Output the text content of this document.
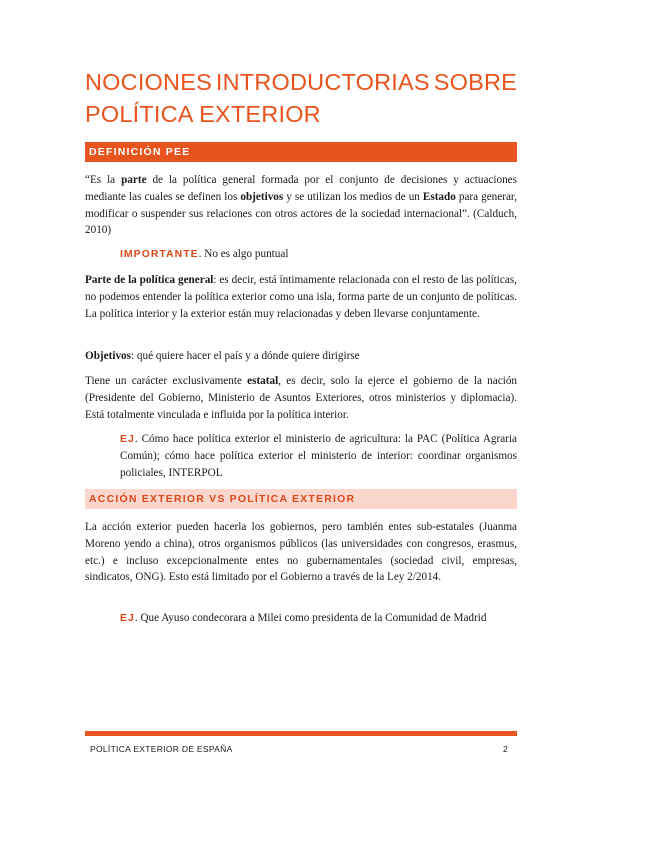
NOCIONES INTRODUCTORIAS SOBRE
POLÍTICA EXTERIOR
DEFINICIÓN PEE

“Es la parte de la política general formada por el conjunto de decisiones y actuaciones mediante las cuales se definen los objetivos y se utilizan los medios de un Estado para generar, modificar o suspender sus relaciones con otros actores de la sociedad internacional”. (Calduch, 2010)

IMPORTANTE. No es algo puntual

Parte de la política general: es decir, está íntimamente relacionada con el resto de las políticas, no podemos entender la política exterior como una isla, forma parte de un conjunto de políticas. La política interior y la exterior están muy relacionadas y deben llevarse conjuntamente.

Objetivos: qué quiere hacer el país y a dónde quiere dirigirse

Tiene un carácter exclusivamente estatal, es decir, solo la ejerce el gobierno de la nación (Presidente del Gobierno, Ministerio de Asuntos Exteriores, otros ministerios y diplomacia). Está totalmente vinculada e influida por la política interior.

EJ. Cómo hace política exterior el ministerio de agricultura: la PAC (Política Agraria Común); cómo hace política exterior el ministerio de interior: coordinar organismos policiales, INTERPOL

ACCIÓN EXTERIOR VS POLÍTICA EXTERIOR

La acción exterior pueden hacerla los gobiernos, pero también entes sub-estatales (Juanma Moreno yendo a china), otros organismos públicos (las universidades con congresos, erasmus, etc.) e incluso excepcionalmente entes no gubernamentales (sociedad civil, empresas, sindicatos, ONG). Esto está limitado por el Gobierno a través de la Ley 2/2014.

EJ. Que Ayuso condecorara a Milei como presidenta de la Comunidad de Madrid

POLÍTICA EXTERIOR DE ESPAÑA	2
